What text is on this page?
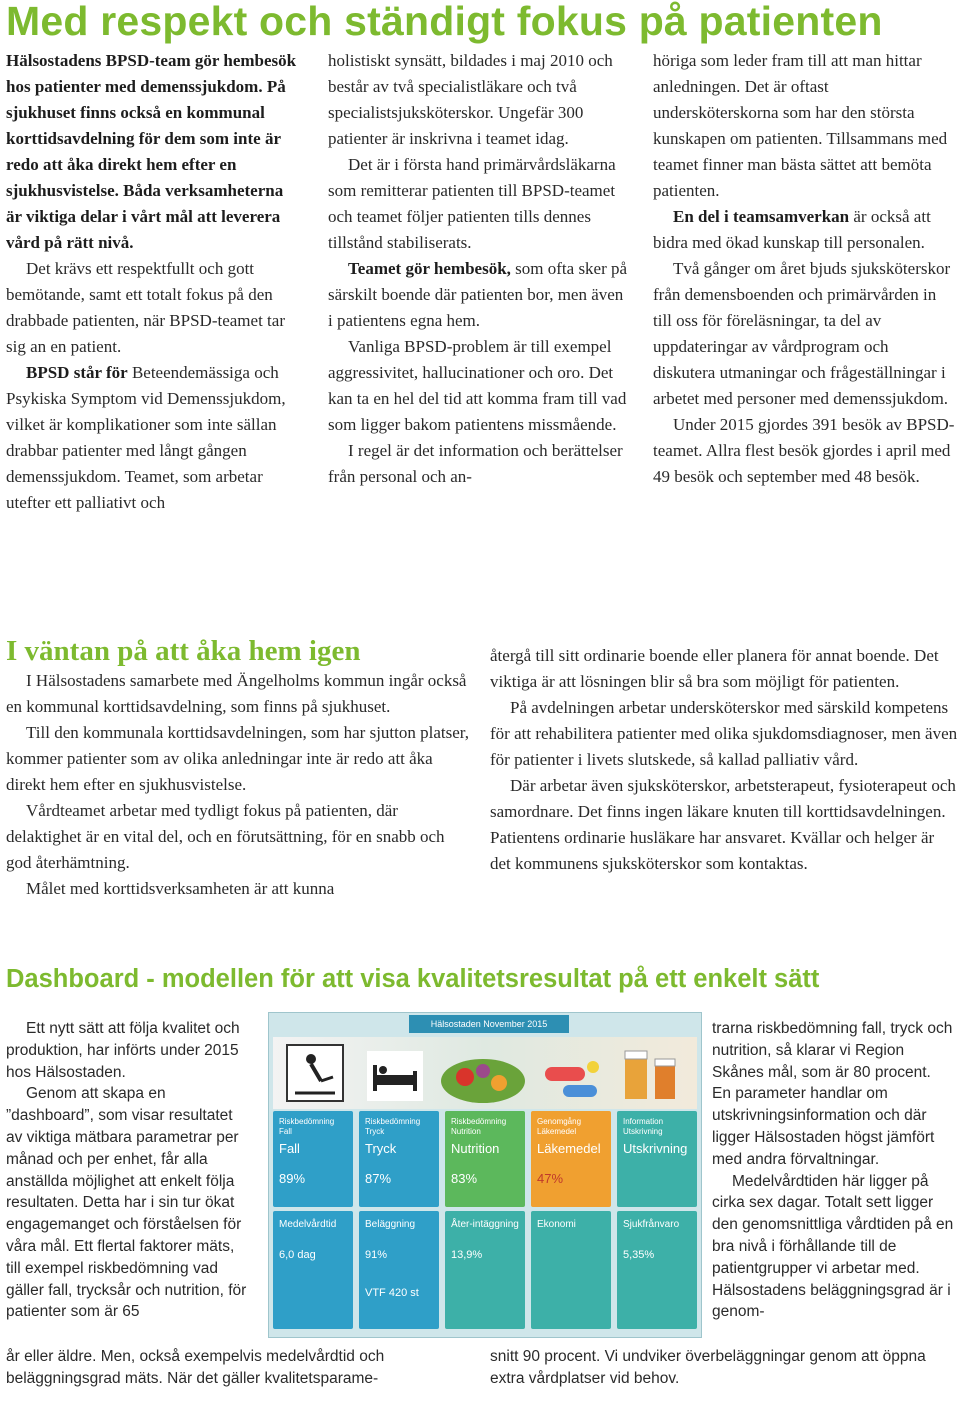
Med respekt och ständigt fokus på patienten
Hälsostadens BPSD-team gör hembesök hos patienter med demenssjukdom. På sjukhuset finns också en kommunal korttidsavdelning för dem som inte är redo att åka direkt hem efter en sjukhusvistelse. Båda verksamheterna är viktiga delar i vårt mål att leverera vård på rätt nivå.
Det krävs ett respektfullt och gott bemötande, samt ett totalt fokus på den drabbade patienten, när BPSD-teamet tar sig an en patient.
BPSD står för Beteendemässiga och Psykiska Symptom vid Demenssjukdom, vilket är komplikationer som inte sällan drabbar patienter med långt gången demenssjukdom. Teamet, som arbetar utefter ett palliativt och
holistiskt synsätt, bildades i maj 2010 och består av två specialistläkare och två specialistsjuksköterskor. Ungefär 300 patienter är inskrivna i teamet idag.
Det är i första hand primärvårdsläkarna som remitterar patienten till BPSD-teamet och teamet följer patienten tills dennes tillstånd stabiliserats.
Teamet gör hembesök, som ofta sker på särskilt boende där patienten bor, men även i patientens egna hem.
Vanliga BPSD-problem är till exempel aggressivitet, hallucinationer och oro. Det kan ta en hel del tid att komma fram till vad som ligger bakom patientens missmående.
I regel är det information och berättelser från personal och an-
höriga som leder fram till att man hittar anledningen. Det är oftast undersköterskorna som har den största kunskapen om patienten. Tillsammans med teamet finner man bästa sättet att bemöta patienten.
En del i teamsamverkan är också att bidra med ökad kunskap till personalen.
Två gånger om året bjuds sjuksköterskor från demensboenden och primärvården in till oss för föreläsningar, ta del av uppdateringar av vårdprogram och diskutera utmaningar och frågeställningar i arbetet med personer med demenssjukdom.
Under 2015 gjordes 391 besök av BPSD-teamet. Allra flest besök gjordes i april med 49 besök och september med 48 besök.
I väntan på att åka hem igen
I Hälsostadens samarbete med Ängelholms kommun ingår också en kommunal korttidsavdelning, som finns på sjukhuset.
Till den kommunala korttidsavdelningen, som har sjutton platser, kommer patienter som av olika anledningar inte är redo att åka direkt hem efter en sjukhusvistelse.
Vårdteamet arbetar med tydligt fokus på patienten, där delaktighet är en vital del, och en förutsättning, för en snabb och god återhämtning.
Målet med korttidsverksamheten är att kunna
återgå till sitt ordinarie boende eller planera för annat boende. Det viktiga är att lösningen blir så bra som möjligt för patienten.
På avdelningen arbetar undersköterskor med särskild kompetens för att rehabilitera patienter med olika sjukdomsdiagnoser, men även för patienter i livets slutskede, så kallad palliativ vård.
Där arbetar även sjuksköterskor, arbetsterapeut, fysioterapeut och samordnare. Det finns ingen läkare knuten till korttidsavdelningen. Patientens ordinarie husläkare har ansvaret. Kvällar och helger är det kommunens sjuksköterskor som kontaktas.
Dashboard - modellen för att visa kvalitetsresultat på ett enkelt sätt
Ett nytt sätt att följa kvalitet och produktion, har införts under 2015 hos Hälsostaden.
Genom att skapa en ”dashboard”, som visar resultatet av viktiga mätbara parametrar per månad och per enhet, får alla anställda möjlighet att enkelt följa resultaten. Detta har i sin tur ökat engagemanget och förståelsen för våra mål. Ett flertal faktorer mäts, till exempel riskbedömning vad gäller fall, trycksår och nutrition, för patienter som är 65
trarna riskbedömning fall, tryck och nutrition, så klarar vi Region Skånes mål, som är 80 procent. En parameter handlar om utskrivningsinformation och där ligger Hälsostaden högst jämfört med andra förvaltningar.
Medelvårdtiden här ligger på cirka sex dagar. Totalt sett ligger den genomsnittliga vårdtiden på en bra nivå i förhållande till de patientgrupper vi arbetar med. Hälsostadens beläggningsgrad är i genom-
år eller äldre. Men, också exempelvis medelvårdtid och beläggningsgrad mäts. När det gäller kvalitetsparame-
snitt 90 procent. Vi undviker överbeläggningar genom att öppna extra vårdplatser vid behov.
Hälsostaden November 2015
Riskbedömning Fall
Fall
89%
Riskbedömning Tryck
Tryck
87%
Riskbedömning Nutrition
Nutrition
83%
Genomgång Läkemedel
Läkemedel
47%
Information Utskrivning
Utskrivning
Medelvårdtid
6,0 dag
Beläggning
91%
VTF 420 st
Åter-intäggning
13,9%
Ekonomi	Sjukfrånvaro
5,35%
